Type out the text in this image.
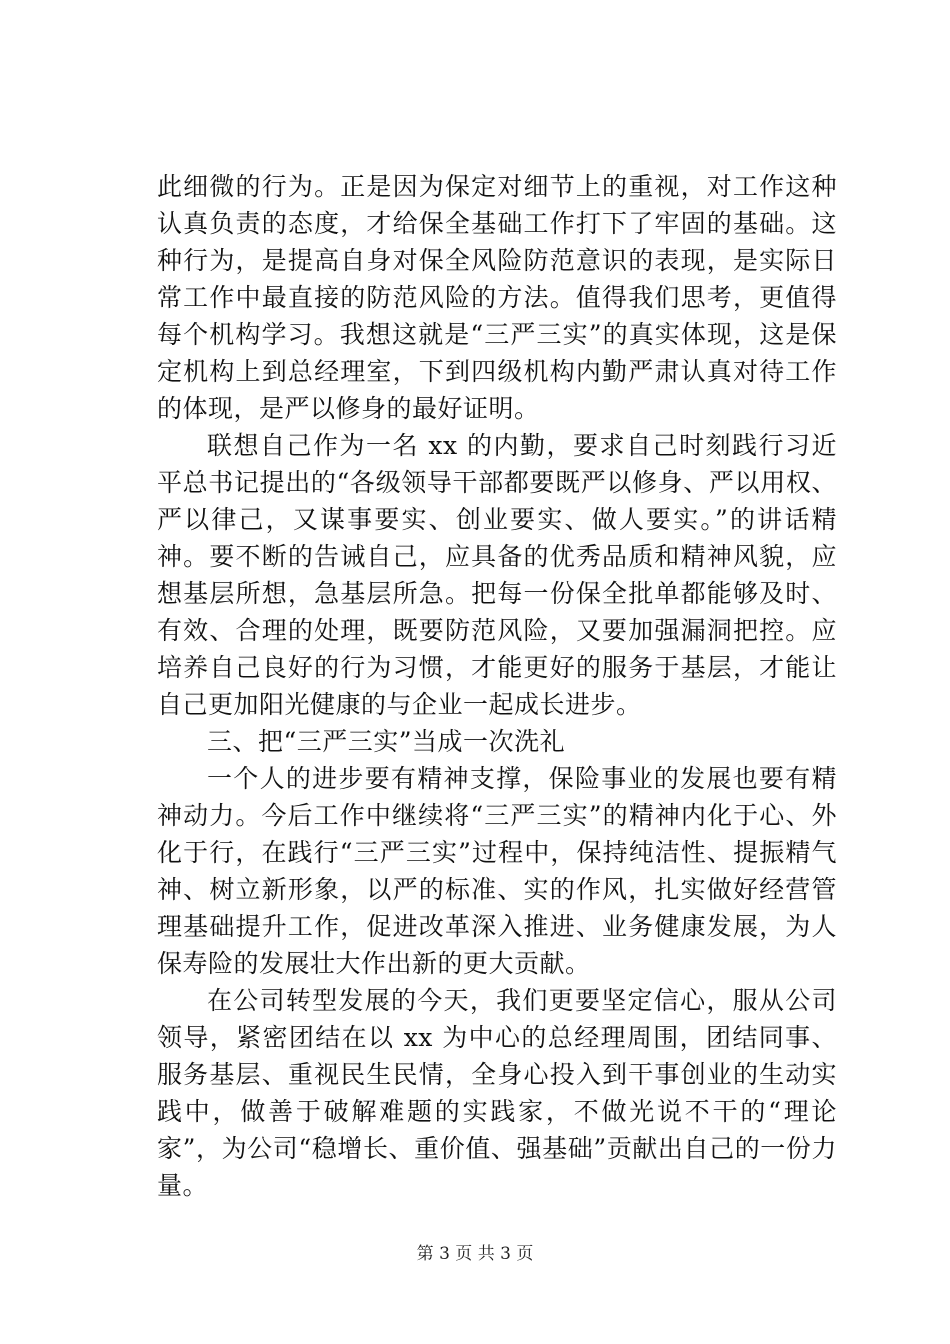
此细微的行为。正是因为保定对细节上的重视，对工作这种认真负责的态度，才给保全基础工作打下了牢固的基础。这种行为，是提高自身对保全风险防范意识的表现，是实际日常工作中最直接的防范风险的方法。值得我们思考，更值得每个机构学习。我想这就是“三严三实”的真实体现，这是保定机构上到总经理室，下到四级机构内勤严肃认真对待工作的体现，是严以修身的最好证明。

联想自己作为一名 xx 的内勤，要求自己时刻践行习近平总书记提出的“各级领导干部都要既严以修身、严以用权、严以律己，又谋事要实、创业要实、做人要实。”的讲话精神。要不断的告诫自己，应具备的优秀品质和精神风貌，应想基层所想，急基层所急。把每一份保全批单都能够及时、有效、合理的处理，既要防范风险，又要加强漏洞把控。应培养自己良好的行为习惯，才能更好的服务于基层，才能让自己更加阳光健康的与企业一起成长进步。

三、把“三严三实”当成一次洗礼

一个人的进步要有精神支撑，保险事业的发展也要有精神动力。今后工作中继续将“三严三实”的精神内化于心、外化于行，在践行“三严三实”过程中，保持纯洁性、提振精气神、树立新形象，以严的标准、实的作风，扎实做好经营管理基础提升工作，促进改革深入推进、业务健康发展，为人保寿险的发展壮大作出新的更大贡献。

在公司转型发展的今天，我们更要坚定信心，服从公司领导，紧密团结在以 xx 为中心的总经理周围，团结同事、服务基层、重视民生民情，全身心投入到干事创业的生动实践中，做善于破解难题的实践家，不做光说不干的“理论家”，为公司“稳增长、重价值、强基础”贡献出自己的一份力量。

第 3 页 共 3 页
